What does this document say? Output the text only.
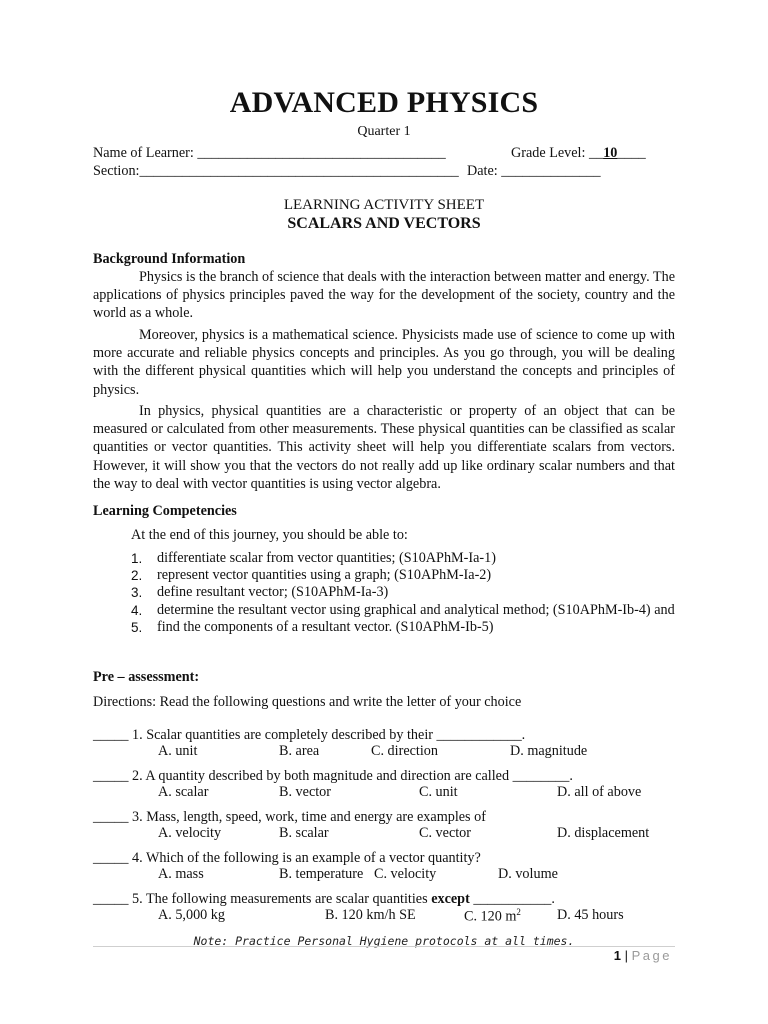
ADVANCED PHYSICS
Quarter 1
Name of Learner: ___________________________________	Grade Level: __10____
Section:_____________________________________________ Date: ______________
LEARNING ACTIVITY SHEET
SCALARS AND VECTORS
Background Information

Physics is the branch of science that deals with the interaction between matter and energy. The applications of physics principles paved the way for the development of the society, country and the world as a whole.

Moreover, physics is a mathematical science. Physicists made use of science to come up with more accurate and reliable physics concepts and principles. As you go through, you will be dealing with the different physical quantities which will help you understand the concepts and principles of physics.

In physics, physical quantities are a characteristic or property of an object that can be measured or calculated from other measurements. These physical quantities can be classified as scalar quantities or vector quantities. This activity sheet will help you differentiate scalars from vectors. However, it will show you that the vectors do not really add up like ordinary scalar numbers and that the way to deal with vector quantities is using vector algebra.

Learning Competencies
At the end of this journey, you should be able to:
1. differentiate scalar from vector quantities; (S10APhM-Ia-1)
2. represent vector quantities using a graph; (S10APhM-Ia-2)
3. define resultant vector; (S10APhM-Ia-3)
4. determine the resultant vector using graphical and analytical method; (S10APhM-Ib-4) and
5. find the components of a resultant vector. (S10APhM-Ib-5)
Pre – assessment:
Directions: Read the following questions and write the letter of your choice
_____ 1. Scalar quantities are completely described by their ____________.
A. unit	B. area	C. direction	D. magnitude
_____ 2. A quantity described by both magnitude and direction are called ________.
A. scalar	B. vector	C. unit	D. all of above
_____ 3. Mass, length, speed, work, time and energy are examples of
A. velocity	B. scalar	C. vector	D. displacement
_____ 4. Which of the following is an example of a vector quantity?
A. mass	B. temperature C. velocity	D. volume
_____ 5. The following measurements are scalar quantities except ___________.
A. 5,000 kg	B. 120 km/h SE	C. 120 $m^2$	D. 45 hours
Note: Practice Personal Hygiene protocols at all times.
1 | Page
